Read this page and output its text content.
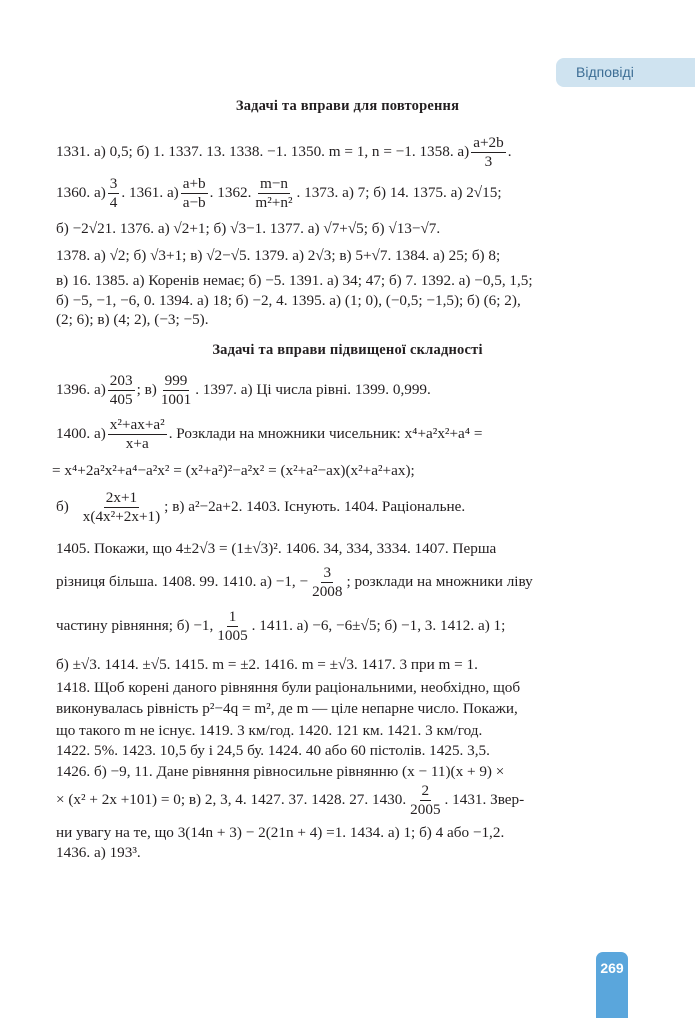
Відповіді
Задачі та вправи для повторення
1331. а) 0,5; б) 1. 1337. 13. 1338. −1. 1350. m = 1, n = −1. 1358. $а) \frac{a+2b}{3}$ .
1360. $а) \frac{3}{4}$ . 1361. $а) \frac{a+b}{a-b}$ . 1362. $\frac{m-n}{\text{m²+n²}}$ . 1373. а) 7; б) 14. 1375. а) 2√15;
б) −2√21. 1376. а) √2+1; б) √3−1. 1377. а) √7+√5; б) √13−√7.
1378. а) √2; б) √3+1; в) √2−√5. 1379. а) 2√3; в) 5+√7. 1384. а) 25; б) 8;
в) 16. 1385. а) Коренів немає; б) −5. 1391. а) 34; 47; б) 7. 1392. а) −0,5, 1,5;
б) −5, −1, −6, 0. 1394. а) 18; б) −2, 4. 1395. а) (1; 0), (−0,5; −1,5); б) (6; 2),
(2; 6); в) (4; 2), (−3; −5).
Задачі та вправи підвищеної складності
1396. $а) \frac{203}{405}$ ; $в) \frac{999}{1001}$ . 1397. а) Ці числа рівні. 1399. 0,999.
1400. $а) \frac{\text{x²+ax+a²}}{x+a}$ . Розклади на множники чисельник: x⁴+a²x²+a⁴ =
= x⁴+2a²x²+a⁴−a²x² = (x²+a²)²−a²x² = (x²+a²−ax)(x²+a²+ax);
$б) \frac{2x+1}{\text{x(4x²+2x+1)}}$ ; в) a²−2a+2. 1403. Існують. 1404. Раціональне.
1405. Покажи, що 4±2√3 = (1±√3)². 1406. 34, 334, 3334. 1407. Перша
різниця більша. 1408. 99. 1410. а) −1, − $\frac{3}{2008}$ ; розклади на множники ліву
частину рівняння; б) −1, $\frac{1}{1005}$ . 1411. а) −6, −6±√5; б) −1, 3. 1412. а) 1;
б) ±√3. 1414. ±√5. 1415. m = ±2. 1416. m = ±√3. 1417. 3 при m = 1.
1418. Щоб корені даного рівняння були раціональними, необхідно, щоб
виконувалась рівність p²−4q = m², де m — ціле непарне число. Покажи,
що такого m не існує. 1419. 3 км/год. 1420. 121 км. 1421. 3 км/год.
1422. 5%. 1423. 10,5 бу і 24,5 бу. 1424. 40 або 60 пістолів. 1425. 3,5.
1426. б) −9, 11. Дане рівняння рівносильне рівнянню (x − 11)(x + 9) ×
× (x² + 2x +101) = 0; в) 2, 3, 4. 1427. 37. 1428. 27. 1430. $\frac{2}{2005}$ . 1431. Звер-
ни увагу на те, що 3(14n + 3) − 2(21n + 4) =1. 1434. а) 1; б) 4 або −1,2.
1436. а) 193³.
269
